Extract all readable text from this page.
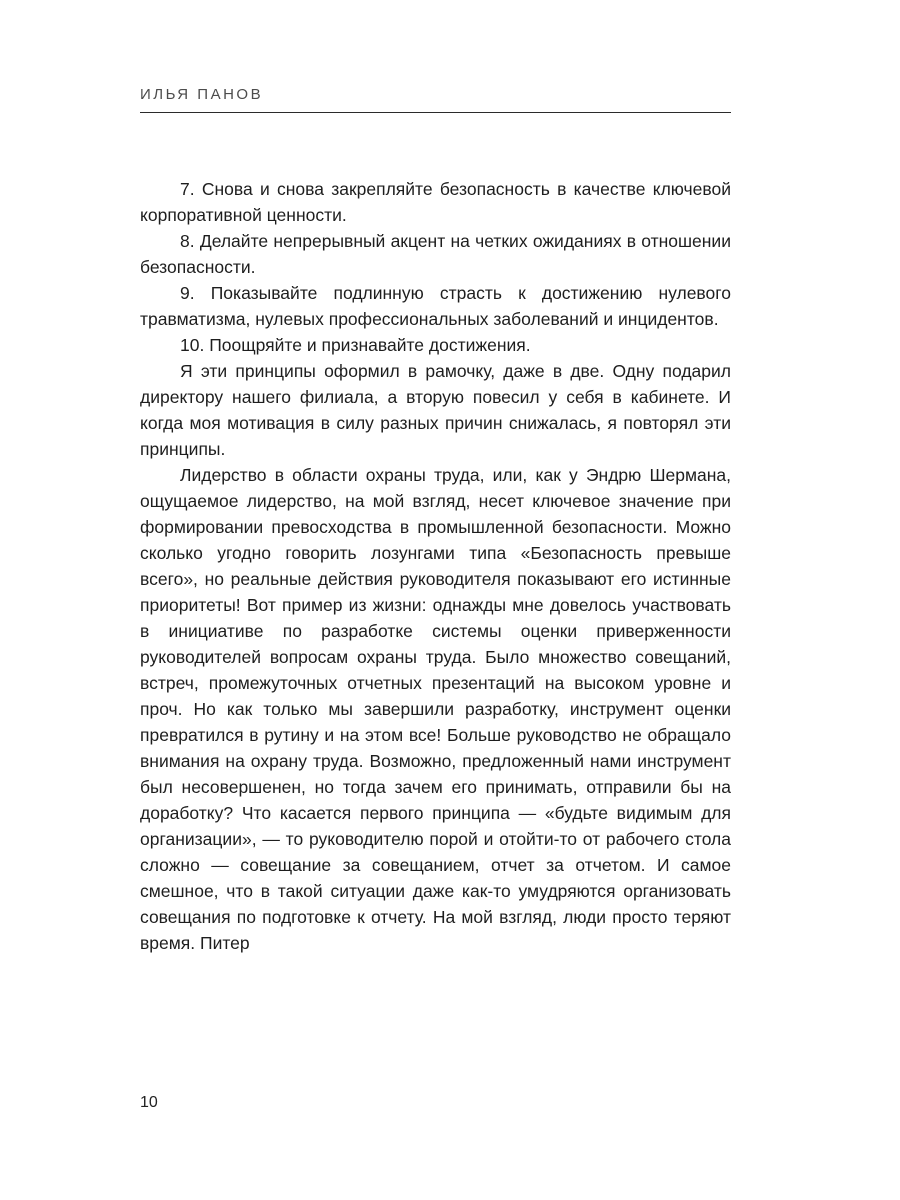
ИЛЬЯ ПАНОВ

7. Снова и снова закрепляйте безопасность в качестве ключевой корпоративной ценности.

8. Делайте непрерывный акцент на четких ожиданиях в отношении безопасности.

9. Показывайте подлинную страсть к достижению нулевого травматизма, нулевых профессиональных заболеваний и инцидентов.

10. Поощряйте и признавайте достижения.

Я эти принципы оформил в рамочку, даже в две. Одну подарил директору нашего филиала, а вторую повесил у себя в кабинете. И когда моя мотивация в силу разных причин снижалась, я повторял эти принципы.

Лидерство в области охраны труда, или, как у Эндрю Шермана, ощущаемое лидерство, на мой взгляд, несет ключевое значение при формировании превосходства в промышленной безопасности. Можно сколько угодно говорить лозунгами типа «Безопасность превыше всего», но реальные действия руководителя показывают его истинные приоритеты! Вот пример из жизни: однажды мне довелось участвовать в инициативе по разработке системы оценки приверженности руководителей вопросам охраны труда. Было множество совещаний, встреч, промежуточных отчетных презентаций на высоком уровне и проч. Но как только мы завершили разработку, инструмент оценки превратился в рутину и на этом все! Больше руководство не обращало внимания на охрану труда. Возможно, предложенный нами инструмент был несовершенен, но тогда зачем его принимать, отправили бы на доработку? Что касается первого принципа — «будьте видимым для организации», — то руководителю порой и отойти-то от рабочего стола сложно — совещание за совещанием, отчет за отчетом. И самое смешное, что в такой ситуации даже как-то умудряются организовать совещания по подготовке к отчету. На мой взгляд, люди просто теряют время. Питер

10
